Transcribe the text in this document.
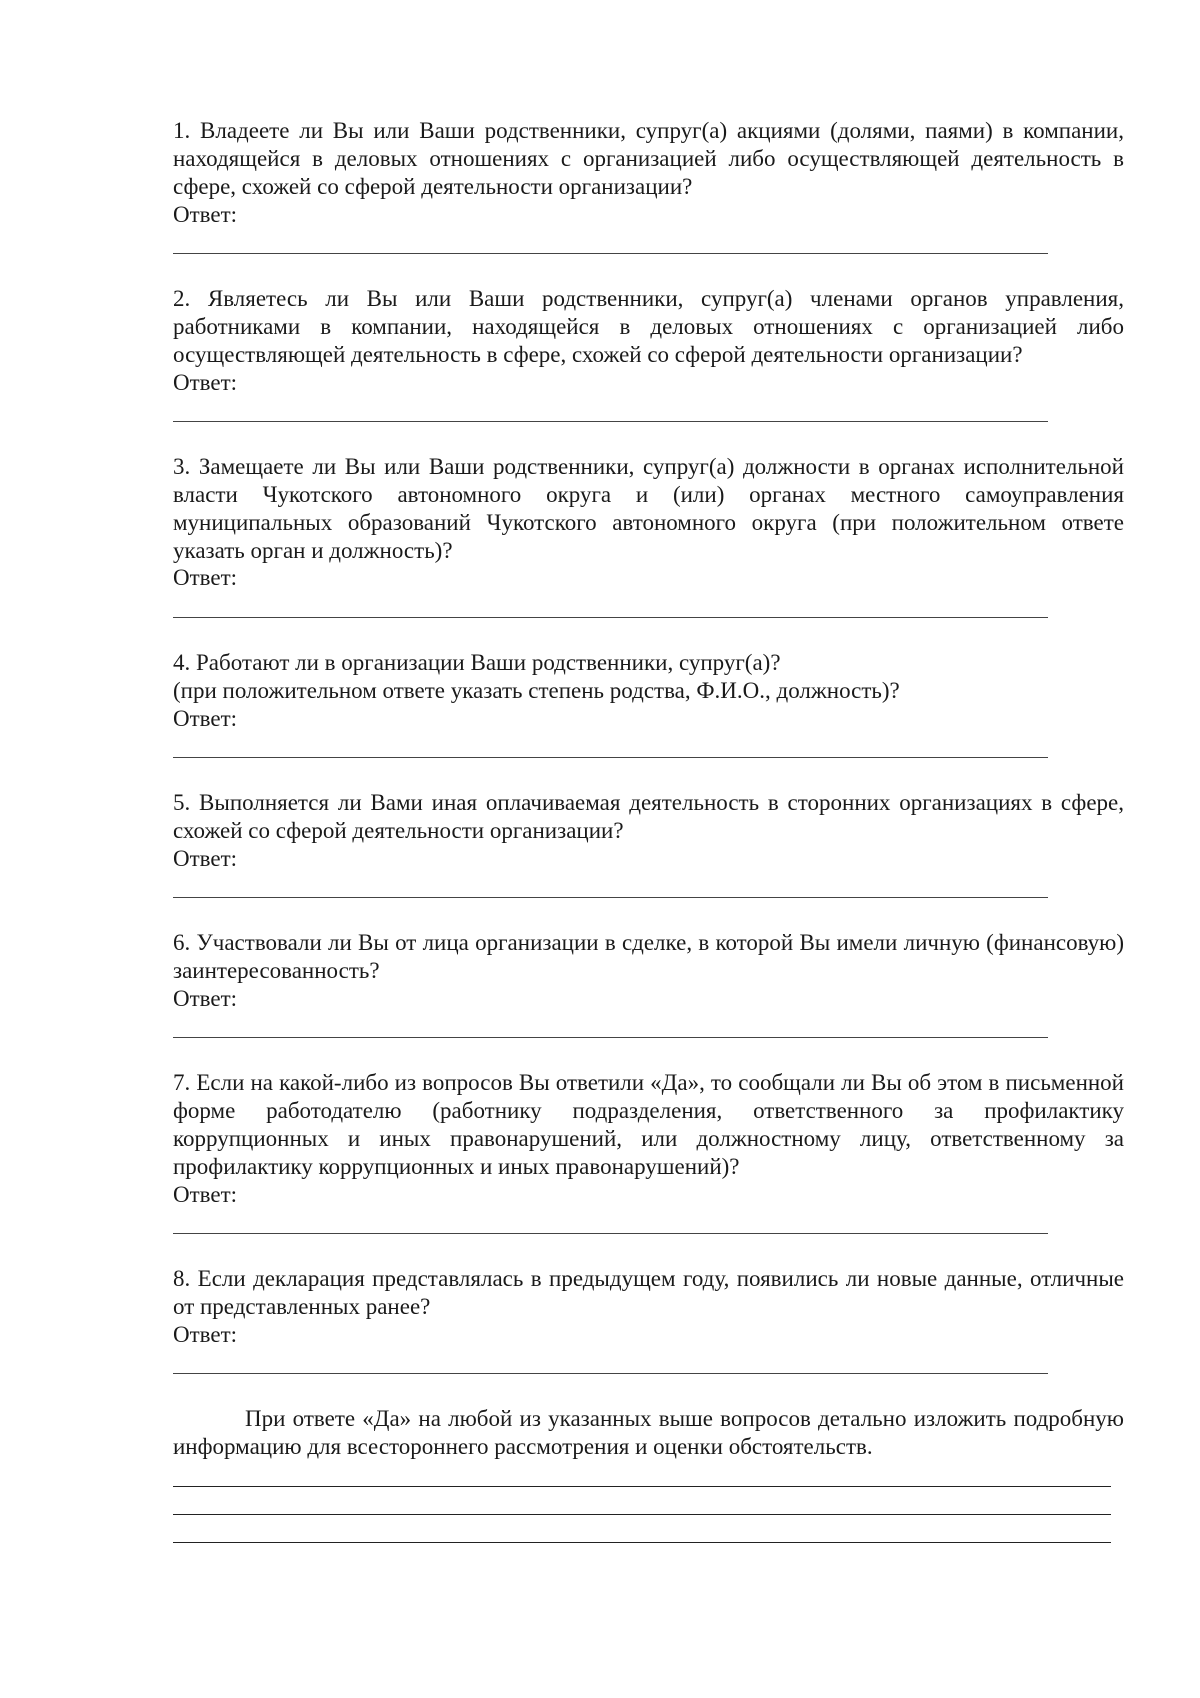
1. Владеете ли Вы или Ваши родственники, супруг(а) акциями (долями, паями) в компании, находящейся в деловых отношениях с организацией либо осуществляющей деятельность в сфере, схожей со сферой деятельности организации?

Ответ:

2. Являетесь ли Вы или Ваши родственники, супруг(а) членами органов управления, работниками в компании, находящейся в деловых отношениях с организацией либо осуществляющей деятельность в сфере, схожей со сферой деятельности организации?

Ответ:

3. Замещаете ли Вы или Ваши родственники, супруг(а) должности в органах исполнительной власти Чукотского автономного округа и (или) органах местного самоуправления муниципальных образований Чукотского автономного округа (при положительном ответе указать орган и должность)?

Ответ:

4. Работают ли в организации Ваши родственники, супруг(а)?
(при положительном ответе указать степень родства, Ф.И.О., должность)?

Ответ:

5. Выполняется ли Вами иная оплачиваемая деятельность в сторонних организациях в сфере, схожей со сферой деятельности организации?

Ответ:

6. Участвовали ли Вы от лица организации в сделке, в которой Вы имели личную (финансовую) заинтересованность?

Ответ:

7. Если на какой-либо из вопросов Вы ответили «Да», то сообщали ли Вы об этом в письменной форме работодателю (работнику подразделения, ответственного за профилактику коррупционных и иных правонарушений, или должностному лицу, ответственному за профилактику коррупционных и иных правонарушений)?

Ответ:

8. Если декларация представлялась в предыдущем году, появились ли новые данные, отличные от представленных ранее?

Ответ:

При ответе «Да» на любой из указанных выше вопросов детально изложить подробную информацию для всестороннего рассмотрения и оценки обстоятельств.
